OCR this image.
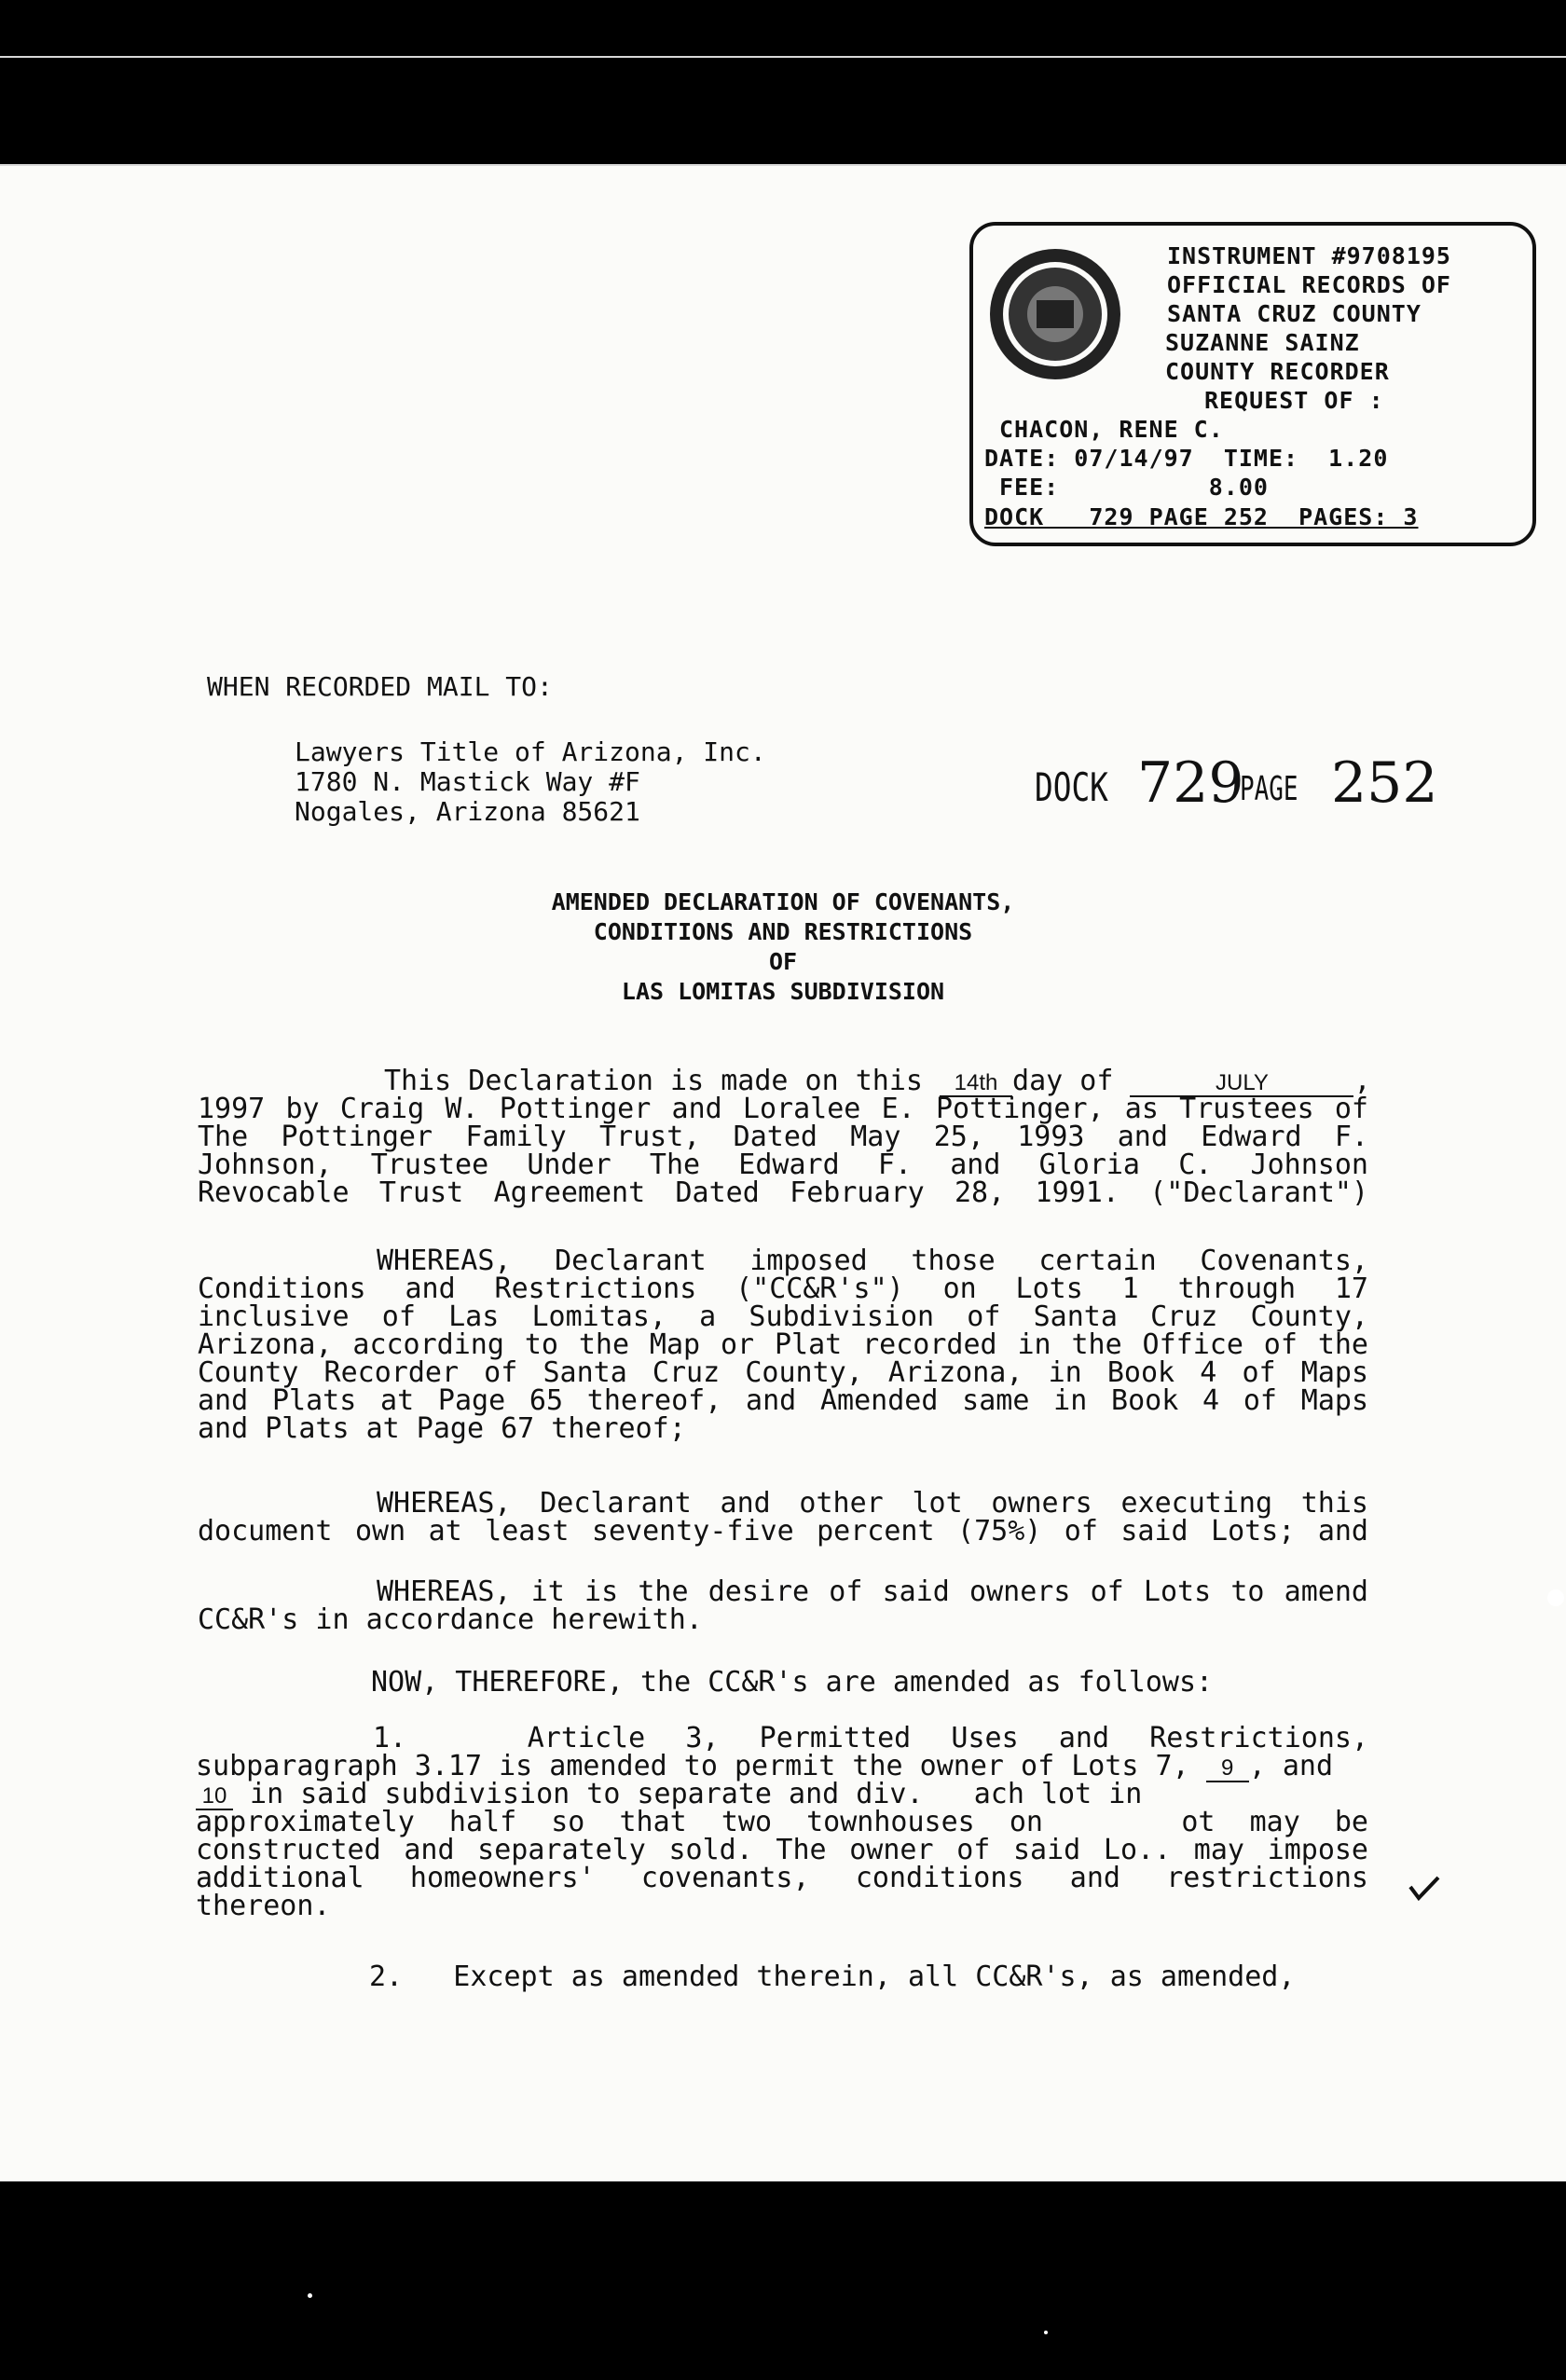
INSTRUMENT #9708195
OFFICIAL RECORDS OF
SANTA CRUZ COUNTY
SUZANNE SAINZ
COUNTY RECORDER
REQUEST OF :
CHACON, RENE C.
DATE: 07/14/97  TIME:  1.20
FEE:          8.00
DOCK   729 PAGE 252  PAGES: 3
WHEN RECORDED MAIL TO:
Lawyers Title of Arizona, Inc.
1780 N. Mastick Way #F
Nogales, Arizona 85621
DOCK 729
PAGE 252
AMENDED DECLARATION OF COVENANTS,
CONDITIONS AND RESTRICTIONS
OF
LAS LOMITAS SUBDIVISION
This Declaration is made on this 14th day of	JULY	,
1997 by Craig W. Pottinger and Loralee E. Pottinger, as Trustees of
The Pottinger Family Trust, Dated May 25, 1993 and Edward F.
Johnson, Trustee Under The Edward F. and Gloria C. Johnson
Revocable Trust Agreement Dated February 28, 1991. ("Declarant")
WHEREAS, Declarant imposed those certain Covenants,
Conditions and Restrictions ("CC&R's") on Lots 1 through 17
inclusive of Las Lomitas, a Subdivision of Santa Cruz County,
Arizona, according to the Map or Plat recorded in the Office of the
County Recorder of Santa Cruz County, Arizona, in Book 4 of Maps
and Plats at Page 65 thereof, and Amended same in Book 4 of Maps
and Plats at Page 67 thereof;
WHEREAS, Declarant and other lot owners executing this
document own at least seventy-five percent (75%) of said Lots; and
WHEREAS, it is the desire of said owners of Lots to amend
CC&R's in accordance herewith.
NOW, THEREFORE, the CC&R's are amended as follows:
1.   Article 3, Permitted Uses and Restrictions,
subparagraph 3.17 is amended to permit the owner of Lots 7, 9 , and
10 in said subdivision to separate and div.   ach lot in
approximately half so that two townhouses on    ot may be
constructed and separately sold. The owner of said Lo.. may impose
additional homeowners' covenants, conditions and restrictions
thereon.
2.   Except as amended therein, all CC&R's, as amended,
